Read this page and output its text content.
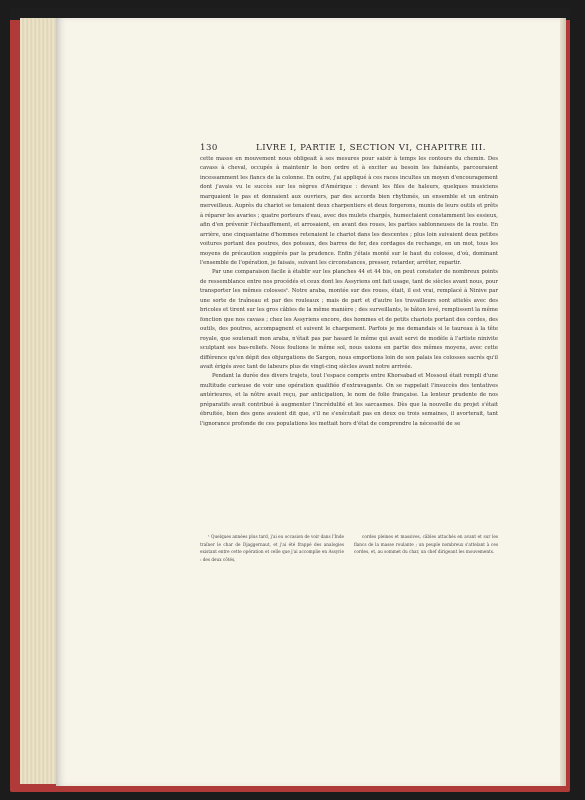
130	LIVRE I, PARTIE I, SECTION VI, CHAPITRE III.

cette masse en mouvement nous obligeait à ses mesures pour saisir à temps les contours du chemin. Des cavass à cheval, occupés à maintenir le bon ordre et à exciter au besoin les fainéants, parcouraient incessamment les flancs de la colonne. En outre, j'ai appliqué à ces races incultes un moyen d'encouragement dont j'avais vu le succès sur les nègres d'Amérique : devant les files de haleurs, quelques musiciens marquaient le pas et donnaient aux ouvriers, par des accords bien rhythmés, un ensemble et un entrain merveilleux. Auprès du chariot se tenaient deux charpentiers et deux forgerons, munis de leurs outils et prêts à réparer les avaries ; quatre porteurs d'eau, avec des mulets chargés, humectaient constamment les essieux, afin d'en prévenir l'échauffement, et arrosaient, en avant des roues, les parties sablonneuses de la route. En arrière, une cinquantaine d'hommes retenaient le chariot dans les descentes ; plus loin suivaient deux petites voitures portant des poutres, des poteaux, des barres de fer, des cordages de rechange, en un mot, tous les moyens de précaution suggérés par la prudence. Enfin j'étais monté sur le haut du colosse, d'où, dominant l'ensemble de l'opération, je faisais, suivant les circonstances, presser, retarder, arrêter, repartir.

Par une comparaison facile à établir sur les planches 44 et 44 bis, on peut constater de nombreux points de ressemblance entre nos procédés et ceux dont les Assyriens ont fait usage, tant de siècles avant nous, pour transporter les mêmes colosses¹. Notre araba, montée sur des roues, était, il est vrai, remplacé à Ninive par une sorte de traîneau et par des rouleaux ; mais de part et d'autre les travailleurs sont attelés avec des bricoles et tirent sur les gros câbles de la même manière ; des surveillants, le bâton levé, remplissent la même fonction que nos cavass ; chez les Assyriens encore, des hommes et de petits chariots portant des cordes, des outils, des poutres, accompagnent et suivent le chargement. Parfois je me demandais si le taureau à la tête royale, que soutenait mon araba, n'était pas par hasard le même qui avait servi de modèle à l'artiste ninivite sculptant ses bas-reliefs. Nous foulions le même sol, nous usions en partie des mêmes moyens, avec cette différence qu'en dépit des objurgations de Sargon, nous emportions loin de son palais les colosses sacrés qu'il avait érigés avec tant de labeurs plus de vingt-cinq siècles avant notre arrivée.

Pendant la durée des divers trajets, tout l'espace compris entre Khorsabad et Mossoul était rempli d'une multitude curieuse de voir une opération qualifiée d'extravagante. On se rappelait l'insuccès des tentatives antérieures, et la nôtre avait reçu, par anticipation, le nom de folie française. La lenteur prudente de nos préparatifs avait contribué à augmenter l'incrédulité et les sarcasmes. Dès que la nouvelle du projet s'était ébruitée, bien des gens avaient dit que, s'il ne s'exécutait pas en deux ou trois semaines, il avorterait, tant l'ignorance profonde de ces populations les mettait hors d'état de comprendre la nécessité de se

¹ Quelques années plus tard, j'ai eu occasion de voir dans l'Inde traîner le char de Djaggernaut, et j'ai été frappé des analogies existant entre cette opération et celle que j'ai accomplie en Assyrie : des deux côtés,

cordes pleines et massives, câbles attachés en avant et sur les flancs de la masse roulante ; un peuple nombreux s'attelant à ces cordes, et, au sommet du char, un chef dirigeant les mouvements.
